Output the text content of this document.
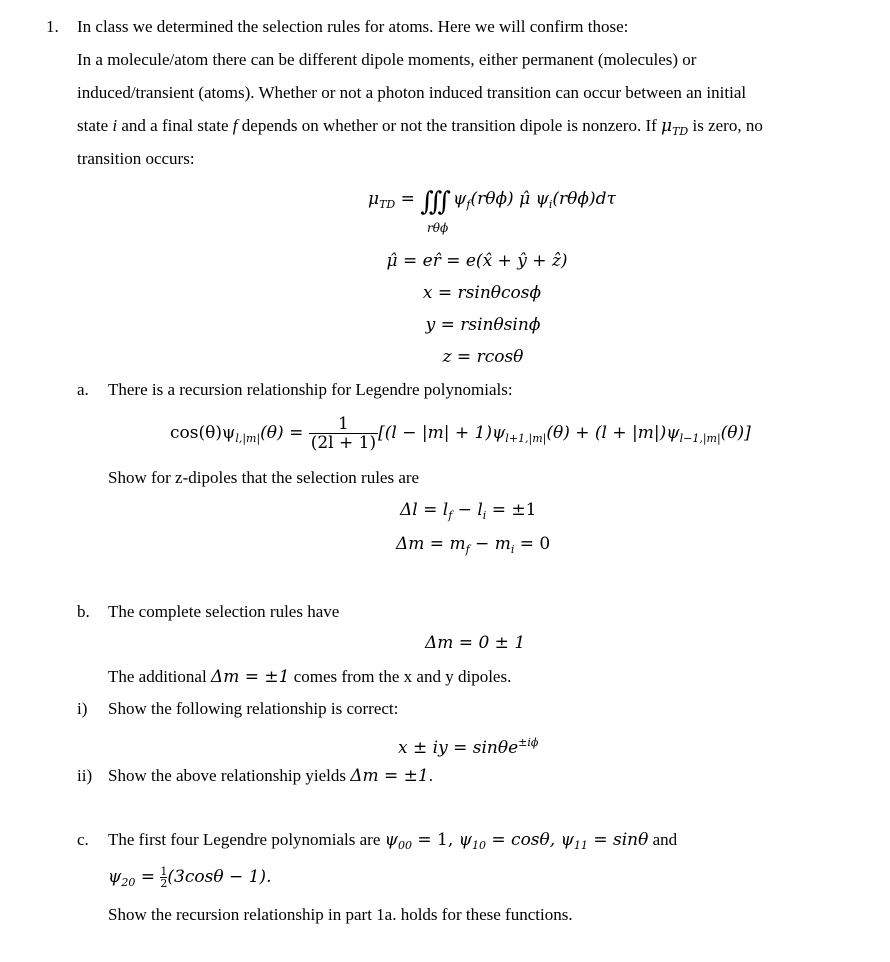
1. In class we determined the selection rules for atoms. Here we will confirm those:
In a molecule/atom there can be different dipole moments, either permanent (molecules) or
induced/transient (atoms). Whether or not a photon induced transition can occur between an initial
state i and a final state f depends on whether or not the transition dipole is nonzero. If $\mu_{TD}$ is zero, no
transition occurs:
$\mu_{TD}$ = ∭ $\psi_f(r\theta\phi)$ μ̂ $\psi_i(r\theta\phi)d\tau$
rθϕ
μ̂ = er̂ = e(x̂ + ŷ + ẑ)
x = rsinθcosϕ
y = rsinθsinϕ
z = rcosθ
a. There is a recursion relationship for Legendre polynomials:
$\cos(\theta)\psi_{l,|m|}(\theta) = \frac{1}{(2l + 1)} [(l - |m| + 1)\psi_{l+1,|m|}(\theta) + (l + |m|)\psi_{l-1,|m|}(\theta)]$
Show for z-dipoles that the selection rules are
$\Delta l = l_f - l_i = \pm 1$
$\Delta m = m_f - m_i = 0$
b. The complete selection rules have
Δm = 0 ± 1
The additional Δm = ±1 comes from the x and y dipoles.
i) Show the following relationship is correct:
x ± iy = sinθe$^{\pm i\phi}$
ii) Show the above relationship yields Δm = ±1.
c. The first four Legendre polynomials are $\psi_{00} = 1$, $\psi_{10} = \cos\theta$, $\psi_{11} = \sin\theta$ and
$\psi_{20} = \frac{1}{2} (3\cos\theta - 1)$.
Show the recursion relationship in part 1a. holds for these functions.
